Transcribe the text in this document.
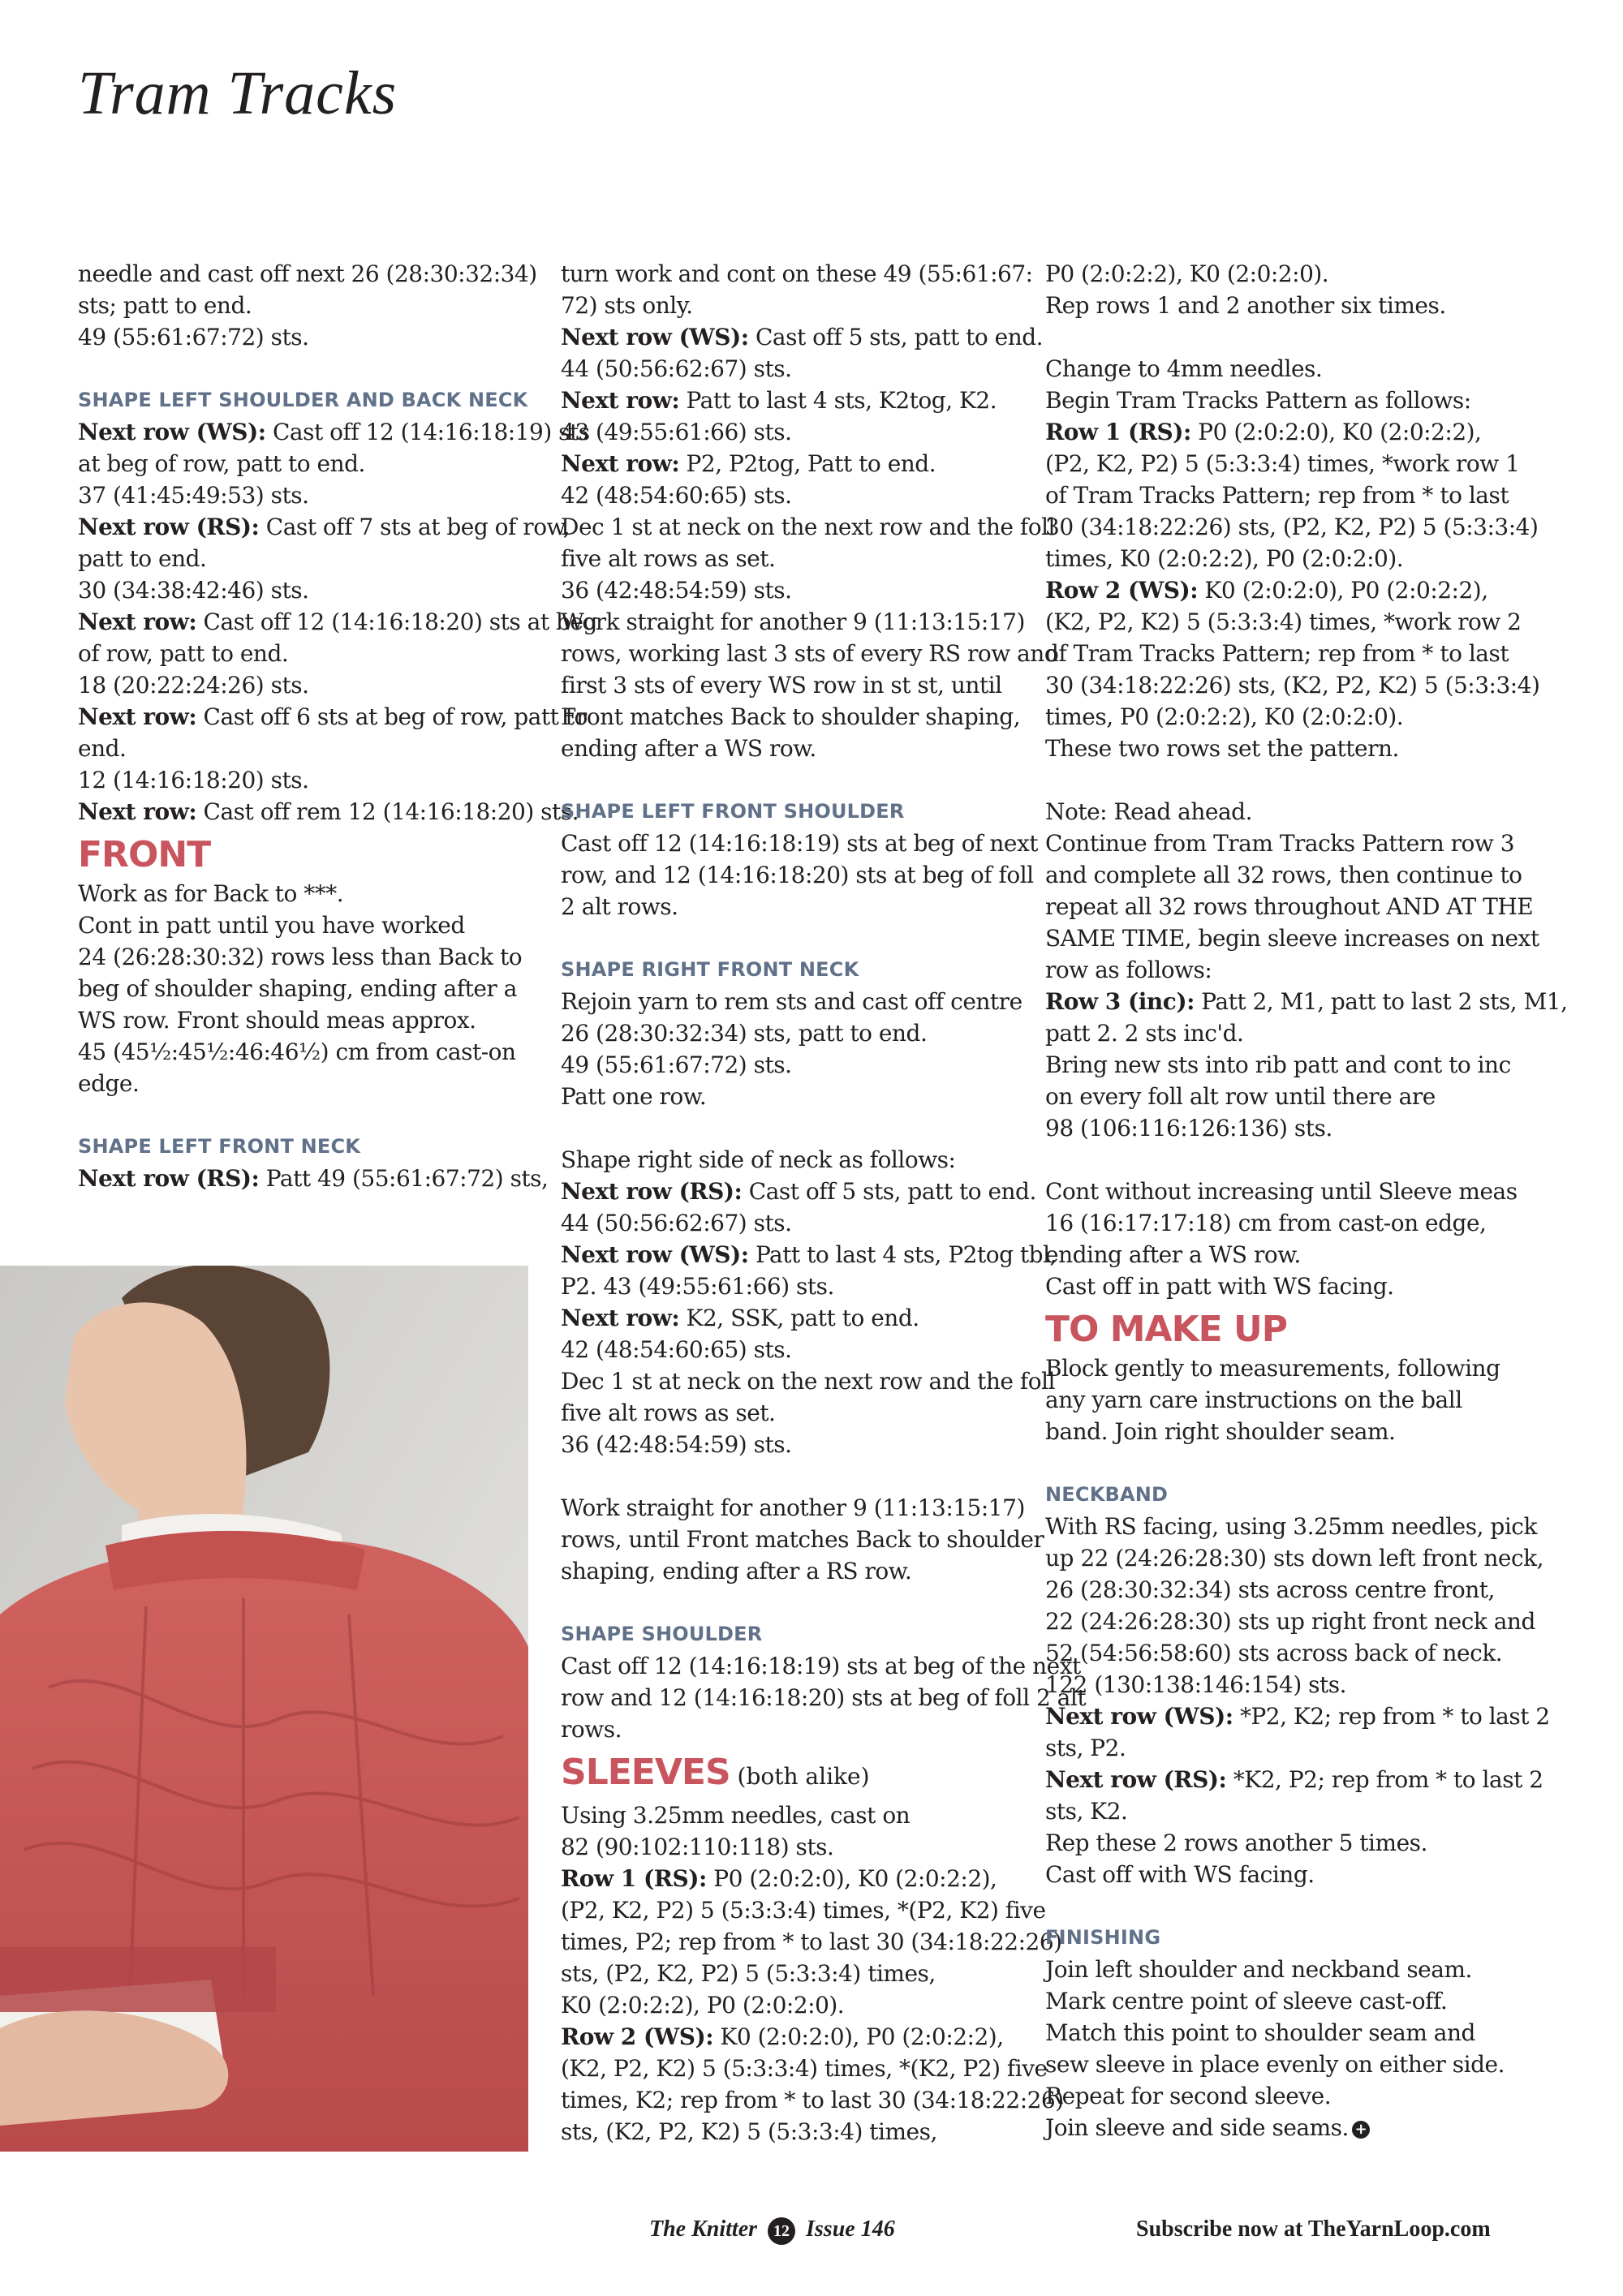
Tram Tracks
needle and cast off next 26 (28:30:32:34)
sts; patt to end.
49 (55:61:67:72) sts.
SHAPE LEFT SHOULDER AND BACK NECK
Next row (WS): Cast off 12 (14:16:18:19) sts
at beg of row, patt to end.
37 (41:45:49:53) sts.
Next row (RS): Cast off 7 sts at beg of row,
patt to end.
30 (34:38:42:46) sts.
Next row: Cast off 12 (14:16:18:20) sts at beg
of row, patt to end.
18 (20:22:24:26) sts.
Next row: Cast off 6 sts at beg of row, patt to
end.
12 (14:16:18:20) sts.
Next row: Cast off rem 12 (14:16:18:20) sts.
FRONT
Work as for Back to ***.
Cont in patt until you have worked
24 (26:28:30:32) rows less than Back to
beg of shoulder shaping, ending after a
WS row. Front should meas approx.
45 (45½:45½:46:46½) cm from cast-on
edge.
SHAPE LEFT FRONT NECK
Next row (RS): Patt 49 (55:61:67:72) sts,
turn work and cont on these 49 (55:61:67:
72) sts only.
Next row (WS): Cast off 5 sts, patt to end.
44 (50:56:62:67) sts.
Next row: Patt to last 4 sts, K2tog, K2.
43 (49:55:61:66) sts.
Next row: P2, P2tog, Patt to end.
42 (48:54:60:65) sts.
Dec 1 st at neck on the next row and the foll
five alt rows as set.
36 (42:48:54:59) sts.
Work straight for another 9 (11:13:15:17)
rows, working last 3 sts of every RS row and
first 3 sts of every WS row in st st, until
Front matches Back to shoulder shaping,
ending after a WS row.
SHAPE LEFT FRONT SHOULDER
Cast off 12 (14:16:18:19) sts at beg of next
row, and 12 (14:16:18:20) sts at beg of foll
2 alt rows.
SHAPE RIGHT FRONT NECK
Rejoin yarn to rem sts and cast off centre
26 (28:30:32:34) sts, patt to end.
49 (55:61:67:72) sts.
Patt one row.
Shape right side of neck as follows:
Next row (RS): Cast off 5 sts, patt to end.
44 (50:56:62:67) sts.
Next row (WS): Patt to last 4 sts, P2tog tbl,
P2. 43 (49:55:61:66) sts.
Next row: K2, SSK, patt to end.
42 (48:54:60:65) sts.
Dec 1 st at neck on the next row and the foll
five alt rows as set.
36 (42:48:54:59) sts.
Work straight for another 9 (11:13:15:17)
rows, until Front matches Back to shoulder
shaping, ending after a RS row.
SHAPE SHOULDER
Cast off 12 (14:16:18:19) sts at beg of the next
row and 12 (14:16:18:20) sts at beg of foll 2 alt
rows.
SLEEVES (both alike)
Using 3.25mm needles, cast on
82 (90:102:110:118) sts.
Row 1 (RS): P0 (2:0:2:0), K0 (2:0:2:2),
(P2, K2, P2) 5 (5:3:3:4) times, *(P2, K2) five
times, P2; rep from * to last 30 (34:18:22:26)
sts, (P2, K2, P2) 5 (5:3:3:4) times,
K0 (2:0:2:2), P0 (2:0:2:0).
Row 2 (WS): K0 (2:0:2:0), P0 (2:0:2:2),
(K2, P2, K2) 5 (5:3:3:4) times, *(K2, P2) five
times, K2; rep from * to last 30 (34:18:22:26)
sts, (K2, P2, K2) 5 (5:3:3:4) times,
P0 (2:0:2:2), K0 (2:0:2:0).
Rep rows 1 and 2 another six times.
Change to 4mm needles.
Begin Tram Tracks Pattern as follows:
Row 1 (RS): P0 (2:0:2:0), K0 (2:0:2:2),
(P2, K2, P2) 5 (5:3:3:4) times, *work row 1
of Tram Tracks Pattern; rep from * to last
30 (34:18:22:26) sts, (P2, K2, P2) 5 (5:3:3:4)
times, K0 (2:0:2:2), P0 (2:0:2:0).
Row 2 (WS): K0 (2:0:2:0), P0 (2:0:2:2),
(K2, P2, K2) 5 (5:3:3:4) times, *work row 2
of Tram Tracks Pattern; rep from * to last
30 (34:18:22:26) sts, (K2, P2, K2) 5 (5:3:3:4)
times, P0 (2:0:2:2), K0 (2:0:2:0).
These two rows set the pattern.
Note: Read ahead.
Continue from Tram Tracks Pattern row 3
and complete all 32 rows, then continue to
repeat all 32 rows throughout AND AT THE
SAME TIME, begin sleeve increases on next
row as follows:
Row 3 (inc): Patt 2, M1, patt to last 2 sts, M1,
patt 2. 2 sts inc'd.
Bring new sts into rib patt and cont to inc
on every foll alt row until there are
98 (106:116:126:136) sts.
Cont without increasing until Sleeve meas
16 (16:17:17:18) cm from cast-on edge,
ending after a WS row.
Cast off in patt with WS facing.
TO MAKE UP
Block gently to measurements, following
any yarn care instructions on the ball
band. Join right shoulder seam.
NECKBAND
With RS facing, using 3.25mm needles, pick
up 22 (24:26:28:30) sts down left front neck,
26 (28:30:32:34) sts across centre front,
22 (24:26:28:30) sts up right front neck and
52 (54:56:58:60) sts across back of neck.
122 (130:138:146:154) sts.
Next row (WS): *P2, K2; rep from * to last 2
sts, P2.
Next row (RS): *K2, P2; rep from * to last 2
sts, K2.
Rep these 2 rows another 5 times.
Cast off with WS facing.
FINISHING
Join left shoulder and neckband seam.
Mark centre point of sleeve cast-off.
Match this point to shoulder seam and
sew sleeve in place evenly on either side.
Repeat for second sleeve.
Join sleeve and side seams. +
The Knitter 12 Issue 146	Subscribe now at TheYarnLoop.com
